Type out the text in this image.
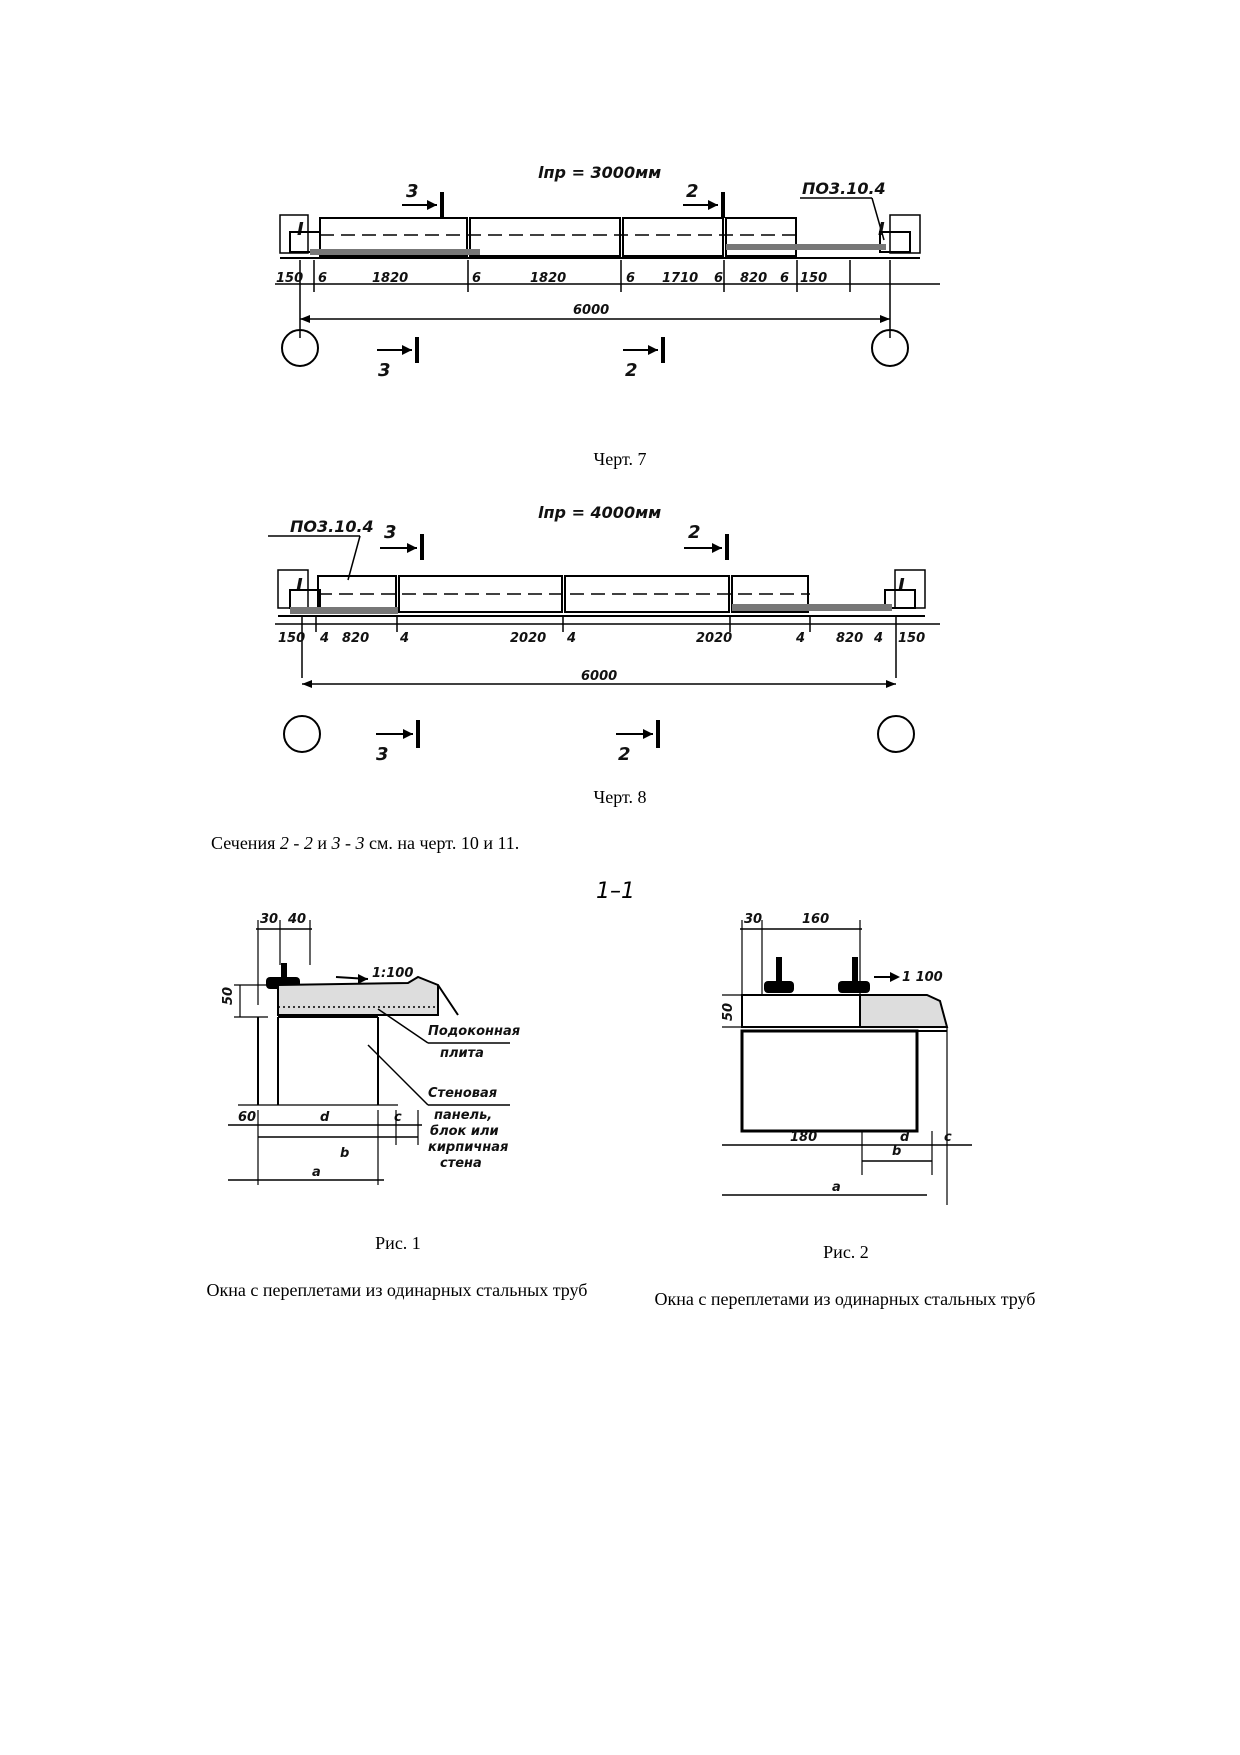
lпр = 3000мм
3	2	ПО3.10.4
I	I
150 6	1820	6	1820	6 1710 6 820 6 150
6000
3	2
Черт. 7
lпр = 4000мм
ПО3.10.4 3	2
I	I
150 4 820 4	2020 4	2020	4 820 4 150
6000
3	2
Черт. 8
Сечения 2 - 2 и 3 - 3 см. на черт. 10 и 11.
1–1
30 40
50
1:100
Подоконная
плита
Стеновая
панель,
блок или
кирпичная
стена
60	d	c
b
a
Рис. 1
Окна с переплетами из одинарных стальных труб
30	160
50
1 100
180	d	c
b
a
Рис. 2
Окна с переплетами из одинарных стальных труб
